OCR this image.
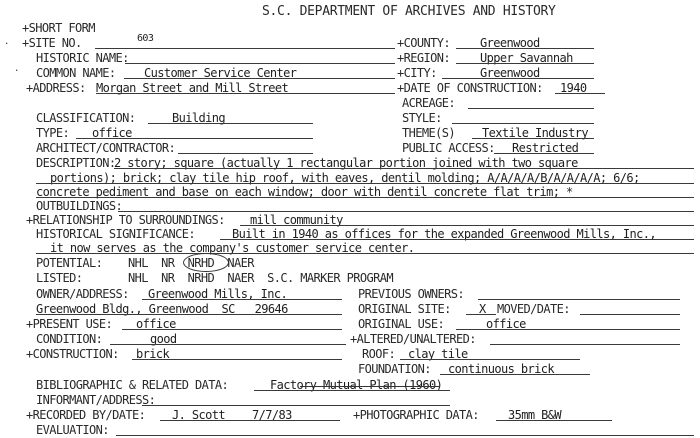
.
.
S.C. DEPARTMENT OF ARCHIVES AND HISTORY
+SHORT FORM
+SITE NO.	603	+COUNTY:	Greenwood
HISTORIC NAME:	+REGION:	Upper Savannah
COMMON NAME: Customer Service Center	+CITY:	Greenwood
+ADDRESS: Morgan Street and Mill Street	+DATE OF CONSTRUCTION: 1940
ACREAGE:
CLASSIFICATION:	Building	STYLE:
TYPE: office	THEME(S) Textile Industry
ARCHITECT/CONTRACTOR:	PUBLIC ACCESS: Restricted
DESCRIPTION:
2 story; square (actually 1 rectangular portion joined with two square
portions); brick; clay tile hip roof, with eaves, dentil molding; A/A/A/A/B/A/A/A/A; 6/6;
concrete pediment and base on each window; door with dentil concrete flat trim; *
OUTBUILDINGS:
+RELATIONSHIP TO SURROUNDINGS: mill community
HISTORICAL SIGNIFICANCE:	Built in 1940 as offices for the expanded Greenwood Mills, Inc.,
it now serves as the company's customer service center.
POTENTIAL: NHL  NR  NRHD  NAER
LISTED:	NHL  NR  NRHD  NAER  S.C. MARKER PROGRAM
OWNER/ADDRESS: Greenwood Mills, Inc.	PREVIOUS OWNERS:
Greenwood Bldg., Greenwood  SC   29646	ORIGINAL SITE: X MOVED/DATE:
+PRESENT USE: office	ORIGINAL USE:	office
CONDITION:	good	+ALTERED/UNALTERED:
+CONSTRUCTION: brick	ROOF: clay tile
FOUNDATION: continuous brick
BIBLIOGRAPHIC & RELATED DATA:	Factory Mutual Plan (1960)
INFORMANT/ADDRESS:
+RECORDED BY/DATE: J. Scott 7/7/83	+PHOTOGRAPHIC DATA: 35mm B&W
EVALUATION:
